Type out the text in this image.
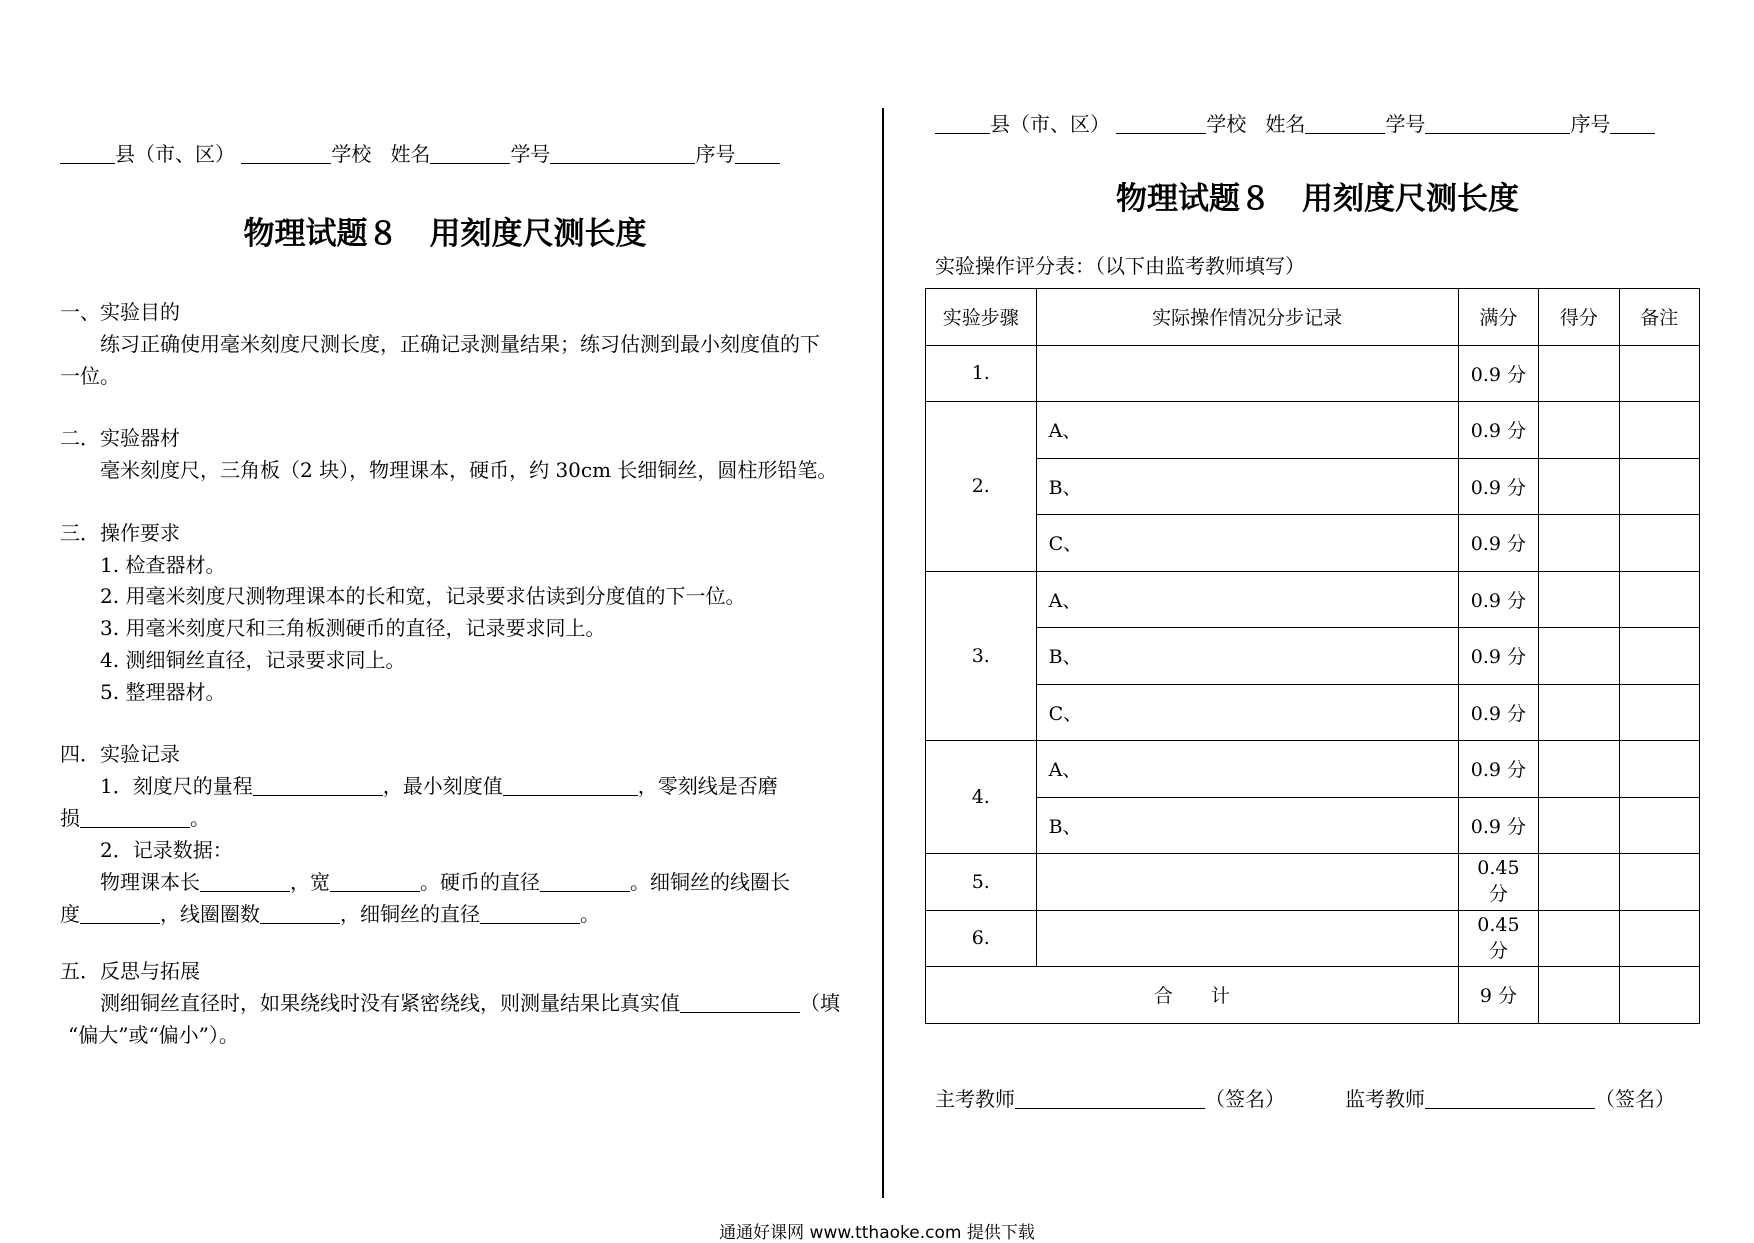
县（市、区）	学校 姓名	学号	序号
物理试题８　用刻度尺测长度
一、实验目的
练习正确使用毫米刻度尺测长度，正确记录测量结果；练习估测到最小刻度值的下
一位。
二．实验器材
毫米刻度尺，三角板（2 块），物理课本，硬币，约 30cm 长细铜丝，圆柱形铅笔。
三．操作要求
1. 检查器材。
2. 用毫米刻度尺测物理课本的长和宽，记录要求估读到分度值的下一位。
3. 用毫米刻度尺和三角板测硬币的直径，记录要求同上。
4. 测细铜丝直径，记录要求同上。
5. 整理器材。
四．实验记录
1．刻度尺的量程	，最小刻度值	，零刻线是否磨
损	。
2．记录数据：
物理课本长	，宽	。硬币的直径	。细铜丝的线圈长
度	，线圈圈数	，细铜丝的直径	。
五．反思与拓展
测细铜丝直径时，如果绕线时没有紧密绕线，则测量结果比真实值	（填
“偏大”或“偏小”）。
县（市、区）	学校 姓名	学号	序号
物理试题８　用刻度尺测长度
实验操作评分表：（以下由监考教师填写）
实验步骤	实际操作情况分步记录	满分	得分	备注
1.		0.9 分		
2.	A、	0.9 分		
	B、	0.9 分		
	C、	0.9 分		
3.	A、	0.9 分		
	B、	0.9 分		
	C、	0.9 分		
4.	A、	0.9 分		
	B、	0.9 分		
5.		0.45 分		
6.		0.45 分		
合　　计		9 分		
主考教师	（签名）	监考教师	（签名）
通通好课网 www.tthaoke.com 提供下载
